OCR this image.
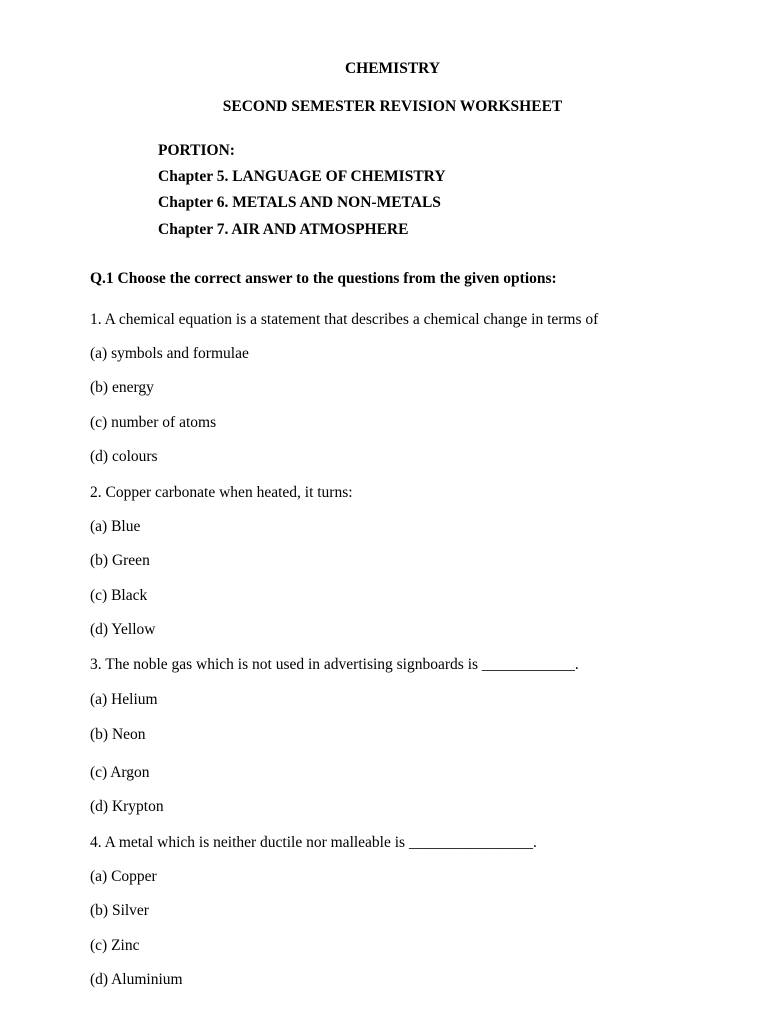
CHEMISTRY
SECOND SEMESTER REVISION WORKSHEET
PORTION:
Chapter 5. LANGUAGE OF CHEMISTRY
Chapter 6. METALS AND NON-METALS
Chapter 7. AIR AND ATMOSPHERE
Q.1 Choose the correct answer to the questions from the given options:
1. A chemical equation is a statement that describes a chemical change in terms of
(a) symbols and formulae
(b) energy
(c) number of atoms
(d) colours
2. Copper carbonate when heated, it turns:
(a) Blue
(b) Green
(c) Black
(d) Yellow
3. The noble gas which is not used in advertising signboards is ____________.
(a) Helium
(b) Neon
(c) Argon
(d) Krypton
4. A metal which is neither ductile nor malleable is ________________.
(a) Copper
(b) Silver
(c) Zinc
(d) Aluminium
